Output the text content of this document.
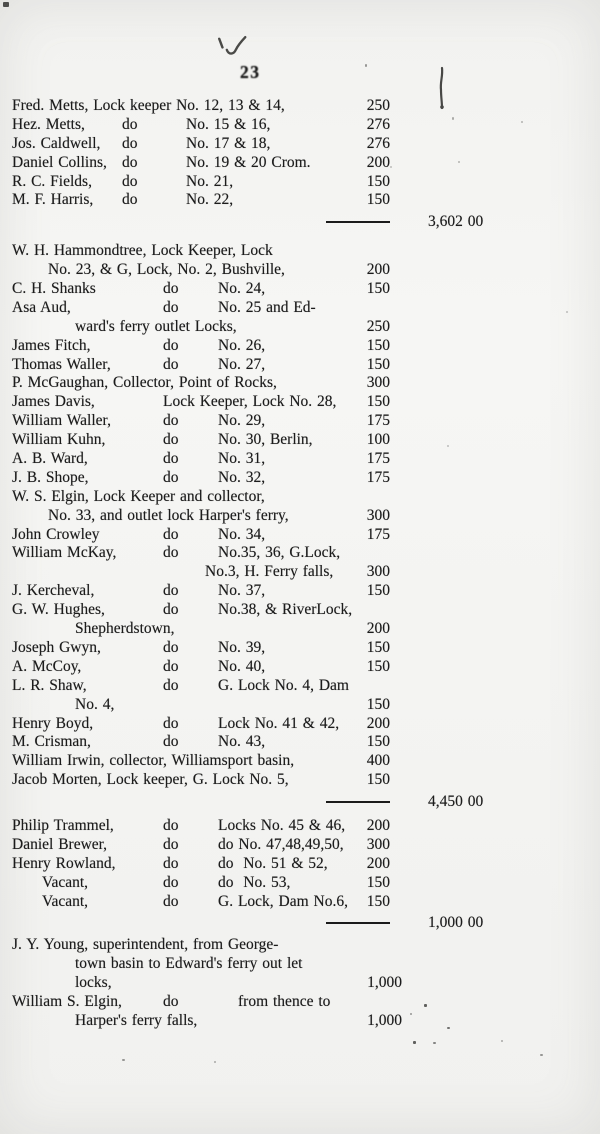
23
Fred. Metts, Lock keeper No. 12, 13 & 14,	250
Hez. Metts,	do	No. 15 & 16,	276
Jos. Caldwell,	do	No. 17 & 18,	276
Daniel Collins, do	No. 19 & 20 Crom.	200
R. C. Fields,	do	No. 21,	150
M. F. Harris,	do	No. 22,	150
3,602 00
W. H. Hammondtree, Lock Keeper, Lock
No. 23, & G, Lock, No. 2, Bushville,	200
C. H. Shanks	do	No. 24,	150
Asa Aud,	do	No. 25 and Ed-
ward's ferry outlet Locks,	250
James Fitch,	do	No. 26,	150
Thomas Waller,	do	No. 27,	150
P. McGaughan, Collector, Point of Rocks,	300
James Davis,	Lock Keeper, Lock No. 28,	150
William Waller,	do	No. 29,	175
William Kuhn,	do	No. 30, Berlin,	100
A. B. Ward,	do	No. 31,	175
J. B. Shope,	do	No. 32,	175
W. S. Elgin, Lock Keeper and collector,
No. 33, and outlet lock Harper's ferry,	300
John Crowley	do	No. 34,	175
William McKay,	do	No.35, 36, G.Lock,
No.3, H. Ferry falls,	300
J. Kercheval,	do	No. 37,	150
G. W. Hughes,	do	No.38, & RiverLock,
Shepherdstown,	200
Joseph Gwyn,	do	No. 39,	150
A. McCoy,	do	No. 40,	150
L. R. Shaw,	do	G. Lock No. 4, Dam
No. 4,	150
Henry Boyd,	do	Lock No. 41 & 42,	200
M. Crisman,	do	No. 43,	150
William Irwin, collector, Williamsport basin,	400
Jacob Morten, Lock keeper, G. Lock No. 5,	150
4,450 00
Philip Trammel,	do	Locks No. 45 & 46,	200
Daniel Brewer,	do	do No. 47,48,49,50,	300
Henry Rowland,	do	do  No. 51 & 52,	200
Vacant,	do	do  No. 53,	150
Vacant,	do	G. Lock, Dam No.6,	150
1,000 00
J. Y. Young, superintendent, from George-
town basin to Edward's ferry out let
locks,	1,000
William S. Elgin,	do	from thence to
Harper's ferry falls,	1,000
